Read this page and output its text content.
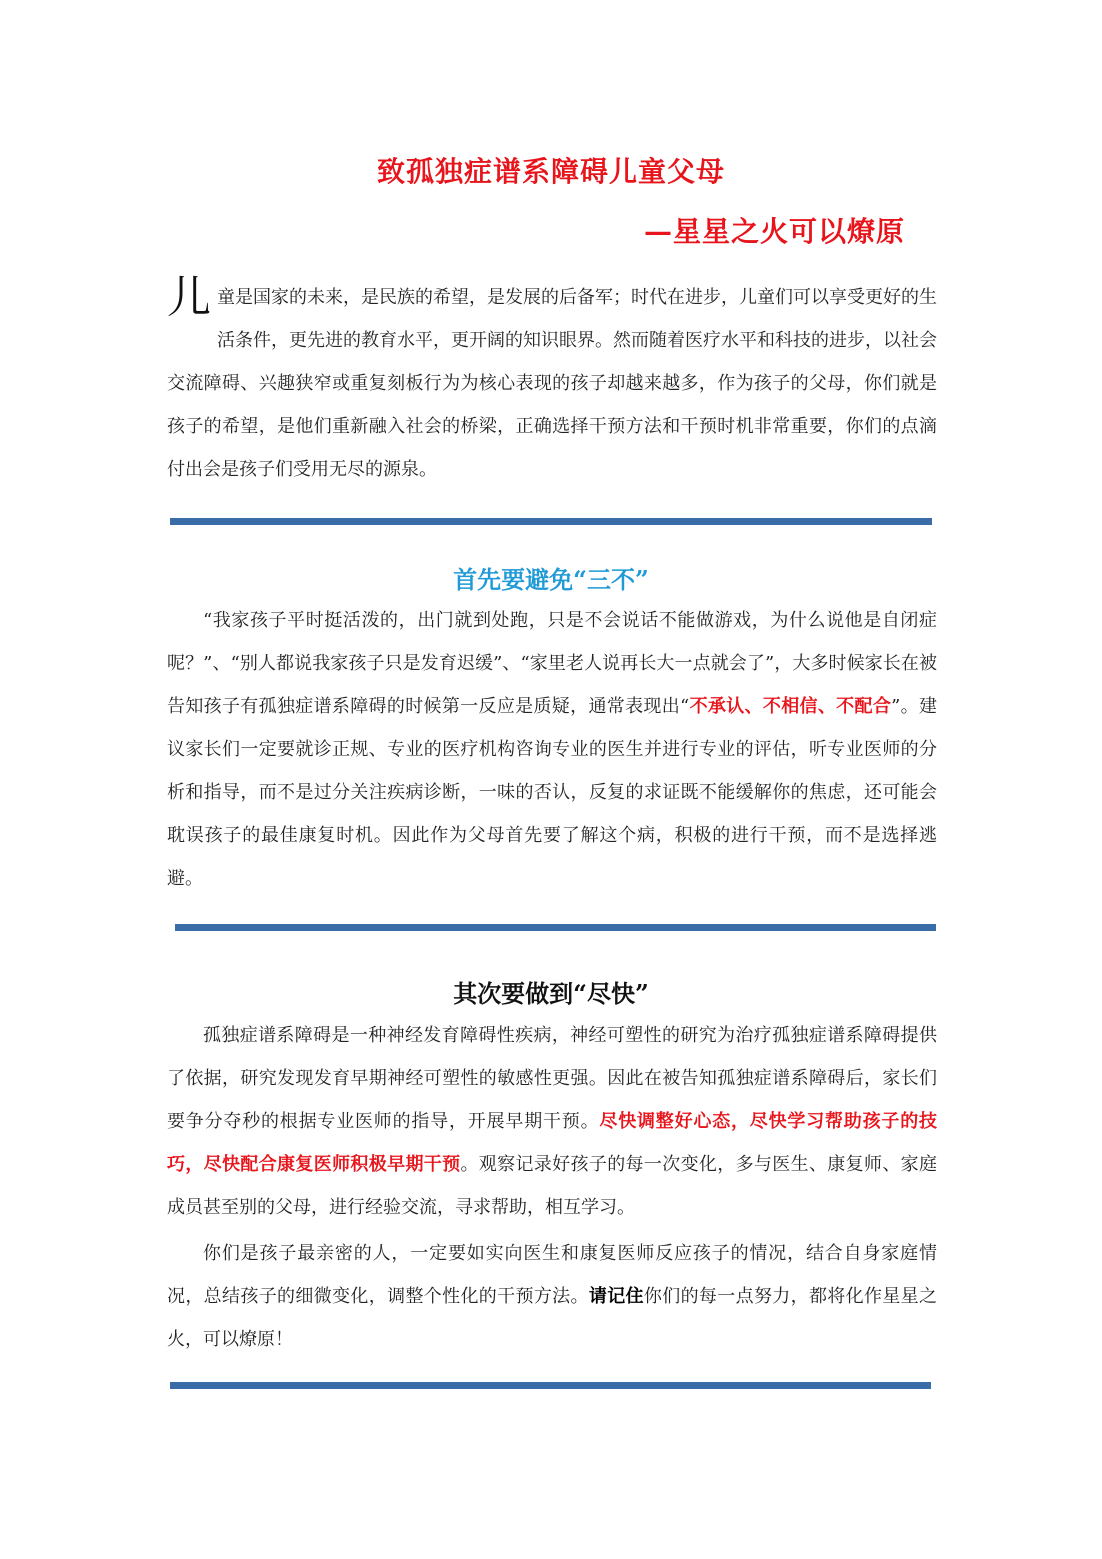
致孤独症谱系障碍儿童父母
—星星之火可以燎原

儿童是国家的未来，是民族的希望，是发展的后备军；时代在进步，儿童们可以享受更好的生活条件，更先进的教育水平，更开阔的知识眼界。然而随着医疗水平和科技的进步，以社会交流障碍、兴趣狭窄或重复刻板行为为核心表现的孩子却越来越多，作为孩子的父母，你们就是孩子的希望，是他们重新融入社会的桥梁，正确选择干预方法和干预时机非常重要，你们的点滴付出会是孩子们受用无尽的源泉。

首先要避免“三不”

“我家孩子平时挺活泼的，出门就到处跑，只是不会说话不能做游戏，为什么说他是自闭症呢？”、“别人都说我家孩子只是发育迟缓”、“家里老人说再长大一点就会了”，大多时候家长在被告知孩子有孤独症谱系障碍的时候第一反应是质疑，通常表现出“不承认、不相信、不配合”。建议家长们一定要就诊正规、专业的医疗机构咨询专业的医生并进行专业的评估，听专业医师的分析和指导，而不是过分关注疾病诊断，一味的否认，反复的求证既不能缓解你的焦虑，还可能会耽误孩子的最佳康复时机。因此作为父母首先要了解这个病，积极的进行干预，而不是选择逃避。

其次要做到“尽快”

孤独症谱系障碍是一种神经发育障碍性疾病，神经可塑性的研究为治疗孤独症谱系障碍提供了依据，研究发现发育早期神经可塑性的敏感性更强。因此在被告知孤独症谱系障碍后，家长们要争分夺秒的根据专业医师的指导，开展早期干预。尽快调整好心态，尽快学习帮助孩子的技巧，尽快配合康复医师积极早期干预。观察记录好孩子的每一次变化，多与医生、康复师、家庭成员甚至别的父母，进行经验交流，寻求帮助，相互学习。

你们是孩子最亲密的人，一定要如实向医生和康复医师反应孩子的情况，结合自身家庭情况，总结孩子的细微变化，调整个性化的干预方法。请记住你们的每一点努力，都将化作星星之火，可以燎原！
